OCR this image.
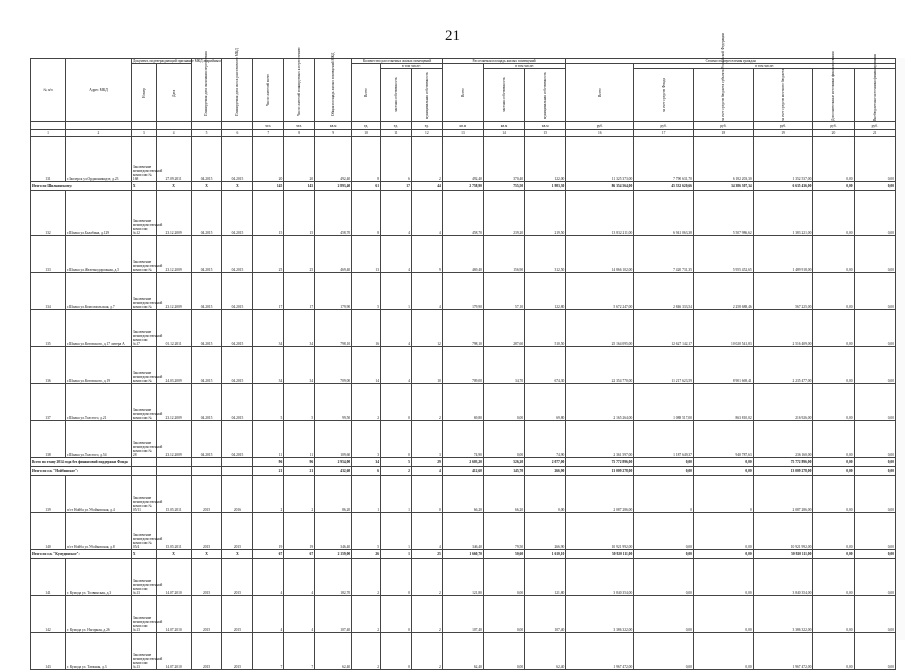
21
№ п/п	Адрес МКД	Документ, подтверждающий признание МКД аварийным		Планируемая дата окончания переселения	Планируемая дата сноса расселяемого МКД	Число жителей всего	Число жителей планируемых к переселению	Общая площадь жилых помещений МКД	Количество расселяемых жилых помещений			Расселяемая площадь жилых помещений			Стоимость переселения граждан					

		Номер	Дата						Всего	в том числе:		Всего	в том числе:		Всего	в том числе:				

										частная собственность	муниципальная собственность		частная собственность	муниципальная собственность		за счет средств Фонда	за счет средств бюджета субъекта Российской Федерации	за счет средств местного бюджета	Дополнительные источники финансирования	Внебюджетные источники финансирования

						чел.	чел.	кв.м	ед.	ед.	ед.	кв.м	кв.м	кв.м	руб.	руб.	руб.	руб.	руб.	руб.
1	2	3	4	5	6	7	8	9	10	11	12	13	14	15	16	17	18	19	20	21
131	г.Заозерск ул.Орджоникидзе, д.23	Заключение межведомственной комиссии № 168	27.09.2011	04.2015	04.2015	20	20	492,40	8	6	2	492,40	370,40	122,00	11 325 373,00	7 790 631,70	6 182 203,30	1 352 537,00	0,00	0,00
Итого по Шилкинскому:		X	X	X	X	145	145	2 893,40	61	17	44	2 758,90	755,50	1 983,30	86 354 564,00	45 332 620,66	34 386 307,34	6 635 436,00	0,00	0,00
132	г.Шилка ул.Балабина, д.129	Заключение межведомственной комиссии №12	23.12.2009	04.2015	04.2015	15	15	458,70	8	4	4	458,70	239,20	219,50	13 832 211,00	6 941 063,38	5 507 986,62	1 383 221,00	0,00	0,00
133	г.Шилка ул.Железнодорожная, д.5	Заключение межведомственной комиссии №	23.12.2009	04.2015	04.2015	25	25	469,40	13	4	9	469,40	156,90	312,50	14 866 102,00	7 420 731,35	5 955 452,65	1 489 918,00	0,00	0,00
134	г.Шилка ул.Комсомольская, д.7	Заключение межведомственной комиссии №	23.12.2009	04.2015	04.2015	17	17	179,90	5	1	4	179,90	57,10	122,80	5 672 247,00	2 846 333,54	2 258 688,46	567 225,00	0,00	0,00
135	г.Шилка ул.Котовского, д.17 литера А	Заключение межведомственной комиссии №17	01.12.2011	04.2015	04.2015	34	34	798,10	16	4	12	798,10	287,60	510,50	25 164 095,00	12 627 142,17	10 020 541,83	2 516 409,00	0,00	0,00
136	г.Шилка ул.Котовского, д.19	Заключение межведомственной комиссии №	24.03.2009	04.2015	04.2015	34	34	709,00	14	4	10	709,00	34,70	674,30	22 354 770,00	11 217 623,59	8 901 669,41	2 235 477,00	0,00	0,00
137	г.Шилка ул.Толстого, д.21	Заключение межведомственной комиссии №	23.12.2009	04.2015	04.2015	5	5	99,50	2	0	2	69,80	0,00	69,80	2 165 264,00	1 088 517,00	863 810,02	216 926,00	0,00	0,00
138	г.Шилка ул.Толстого, д.54	Заключение межведомственной комиссии № 28	23.12.2009	04.2015	04.2015	11	11	109,60	3	0	3	74,90	0,00	74,90	2 361 597,00	1 187 649,37	940 787,63	236 160,00	0,00	0,00
Всего по этапу 2014 года без финансовой поддержки Фонда						96	96	2 954,00	34	5	29	2 603,20	526,20	2 077,00	75 772 896,00	0,00	0,00	75 772 896,00	0,00	0,00
Итого по г.п. "Нойбинское":						21	21	432,60	6	2	4	412,60	145,70	266,90	13 009 278,00	0,00	0,00	13 009 278,00	0,00	0,00
139	п/ст Нойба ул.Убойковская, д.4	Заключение межведомственной комиссии № 05/11	15.05.2011	2015	2016	2	2	86,20	1	1	0	66,20	66,20	0,00	2 087 286,00	0	0	2 087 286,00	0,00	0,00
140	п/ст Нойба ул.Убойковская, д.8	Заключение межведомственной комиссии № 05/4	15.05.2011	2015	2015	19	19	346,40	5	1	4	346,40	79,50	266,90	10 921 992,00	0,00	0,00	10 921 992,00	0,00	0,00
Итого по г.п. "Кумудинское":		X	X	X	X	67	67	2 159,00	26	1	25	1 660,70	50,60	1 610,10	50 920 111,00	0,00	0,00	50 920 111,00	0,00	0,00
141	г. Кумода ул. Толвинская, д.3	Заключение межведомственной комиссии №13	14.07.2010	2015	2015	4	4	182,70	2	0	2	121,80	0,00	121,80	3 840 354,00	0,00	0,00	3 840 354,00	0,00	0,00
142	г. Кумода ул. Нагорная, д.26	Заключение межведомственной комиссии №13	14.07.2010	2015	2015	4	4	107,40	2	0	2	107,40	0,00	107,40	3 386 322,00	0,00	0,00	3 386 322,00	0,00	0,00
143	г. Кумода ул. Таежная, д.3	Заключение межведомственной комиссии №13	14.07.2010	2015	2015	7	7	62,40	2	0	2	62,40	0,00	62,40	1 967 472,00	0,00	0,00	1 967 472,00	0,00	0,00
